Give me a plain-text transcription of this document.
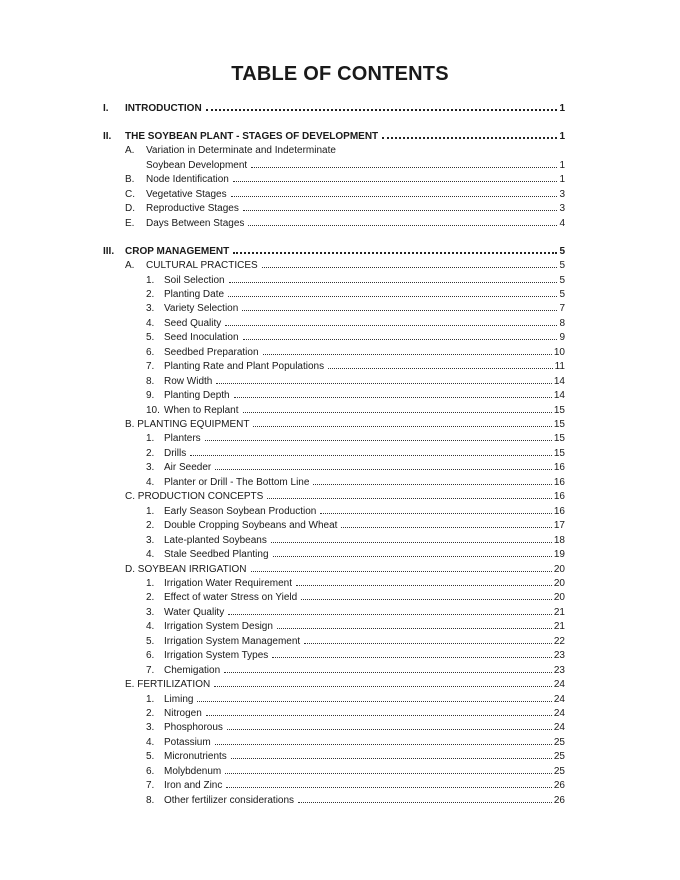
TABLE OF CONTENTS
I. INTRODUCTION	1
II. THE SOYBEAN PLANT - STAGES OF DEVELOPMENT	1
A. Variation in Determinate and Indeterminate
Soybean Development	1
B. Node Identification	1
C. Vegetative Stages	3
D. Reproductive Stages	3
E. Days Between Stages	4
III. CROP MANAGEMENT	5
A. CULTURAL PRACTICES	5
1. Soil Selection	5
2. Planting Date	5
3. Variety Selection	7
4. Seed Quality	8
5. Seed Inoculation	9
6. Seedbed Preparation	10
7. Planting Rate and Plant Populations	11
8. Row Width	14
9. Planting Depth	14
10. When to Replant	15
B. PLANTING EQUIPMENT	15
1. Planters	15
2. Drills	15
3. Air Seeder	16
4. Planter or Drill - The Bottom Line	16
C. PRODUCTION CONCEPTS	16
1. Early Season Soybean Production	16
2. Double Cropping Soybeans and Wheat	17
3. Late-planted Soybeans	18
4. Stale Seedbed Planting	19
D. SOYBEAN IRRIGATION	20
1. Irrigation Water Requirement	20
2. Effect of water Stress on Yield	20
3. Water Quality	21
4. Irrigation System Design	21
5. Irrigation System Management	22
6. Irrigation System Types	23
7. Chemigation	23
E. FERTILIZATION	24
1. Liming	24
2. Nitrogen	24
3. Phosphorous	24
4. Potassium	25
5. Micronutrients	25
6. Molybdenum	25
7. Iron and Zinc	26
8. Other fertilizer considerations	26
